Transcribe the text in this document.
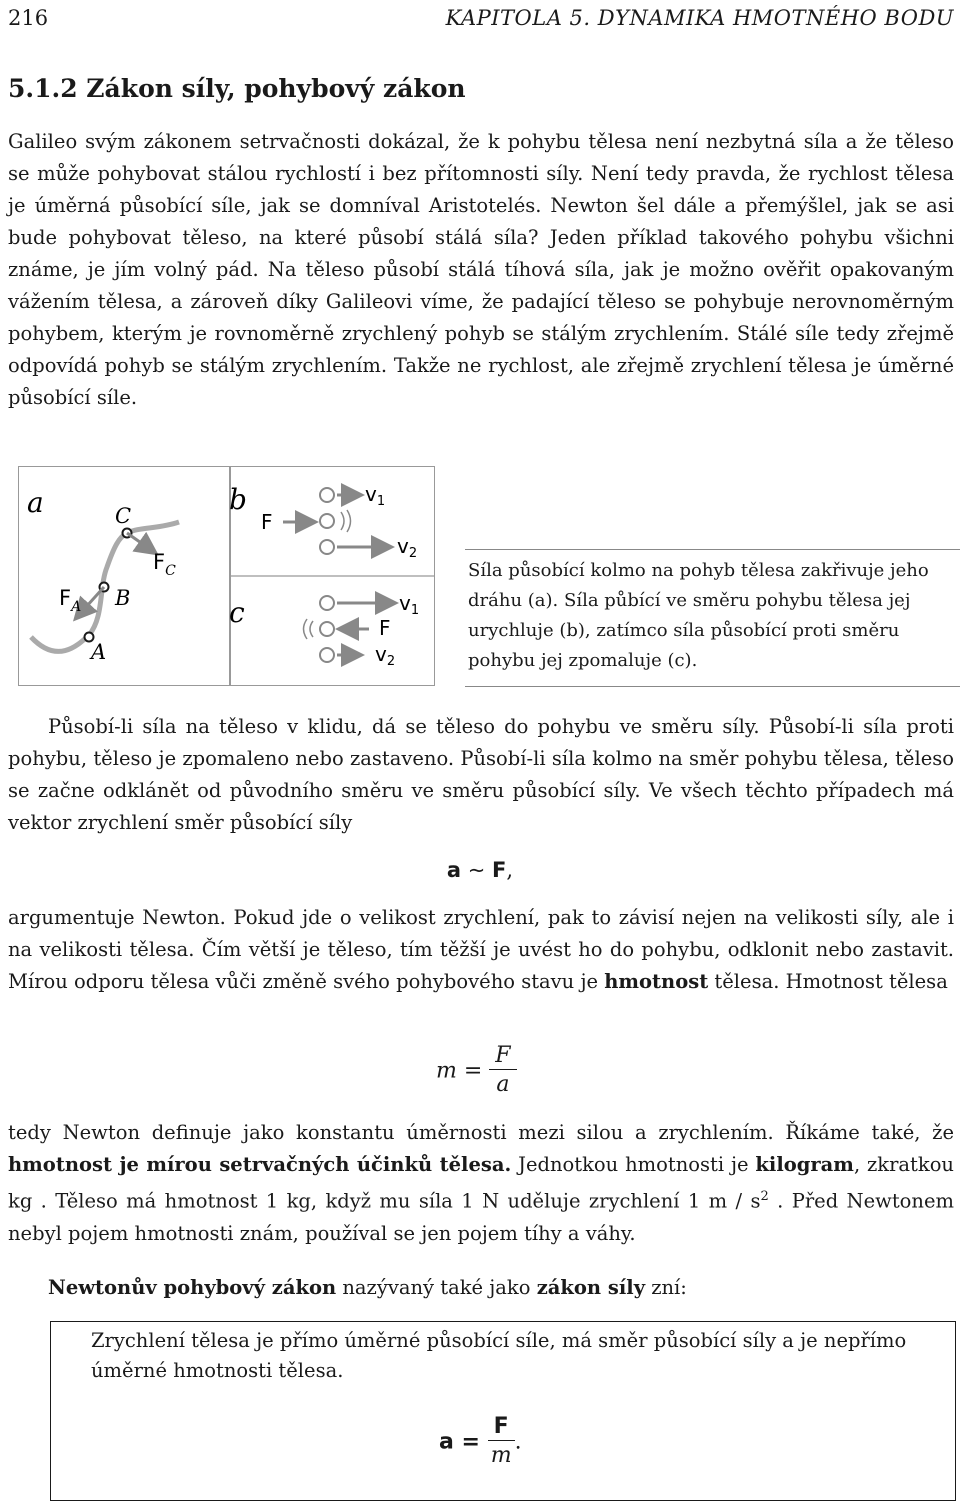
216	KAPITOLA 5. DYNAMIKA HMOTNÉHO BODU
5.1.2 Zákon síly, pohybový zákon

Galileo svým zákonem setrvačnosti dokázal, že k pohybu tělesa není nezbytná síla a že těleso se může pohybovat stálou rychlostí i bez přítomnosti síly. Není tedy pravda, že rychlost tělesa je úměrná působící síle, jak se domníval Aristotelés. Newton šel dále a přemýšlel, jak se asi bude pohybovat těleso, na které působí stálá síla? Jeden příklad takového pohybu všichni známe, je jím volný pád. Na těleso působí stálá tíhová síla, jak je možno ověřit opakovaným vážením tělesa, a zároveň díky Galileovi víme, že padající těleso se pohybuje nerovnoměrným pohybem, kterým je rovnoměrně zrychlený pohyb se stálým zrychlením. Stálé síle tedy zřejmě odpovídá pohyb se stálým zrychlením. Takže ne rychlost, ale zřejmě zrychlení tělesa je úměrné působící síle.

a	C
B
A
$F_A$
$F_C$
b
c
F
$v_1$
$v_2$
$v_1$
F
$v_2$
Síla působící kolmo na pohyb tělesa zakřivuje jeho dráhu (a). Síla půbící ve směru pohybu tělesa jej urychluje (b), zatímco síla působící proti směru pohybu jej zpomaluje (c).

Působí-li síla na těleso v klidu, dá se těleso do pohybu ve směru síly. Působí-li síla proti pohybu, těleso je zpomaleno nebo zastaveno. Působí-li síla kolmo na směr pohybu tělesa, těleso se začne odklánět od původního směru ve směru působící síly. Ve všech těchto případech má vektor zrychlení směr působící síly

a ∼ F,

argumentuje Newton. Pokud jde o velikost zrychlení, pak to závisí nejen na velikosti síly, ale i na velikosti tělesa. Čím větší je těleso, tím těžší je uvést ho do pohybu, odklonit nebo zastavit. Mírou odporu tělesa vůči změně svého pohybového stavu je hmotnost tělesa. Hmotnost tělesa

$m = \frac{F}{a}$

tedy Newton definuje jako konstantu úměrnosti mezi silou a zrychlením. Říkáme také, že hmotnost je mírou setrvačných účinků tělesa. Jednotkou hmotnosti je kilogram, zkratkou kg . Těleso má hmotnost 1 kg, když mu síla 1 N uděluje zrychlení 1 m / $s^2$ . Před Newtonem nebyl pojem hmotnosti znám, používal se jen pojem tíhy a váhy.

Newtonův pohybový zákon nazývaný také jako zákon síly zní:
Zrychlení tělesa je přímo úměrné působící síle, má směr působící síly a je nepřímo úměrné hmotnosti tělesa.
$a = \frac{F}{m}$ .
